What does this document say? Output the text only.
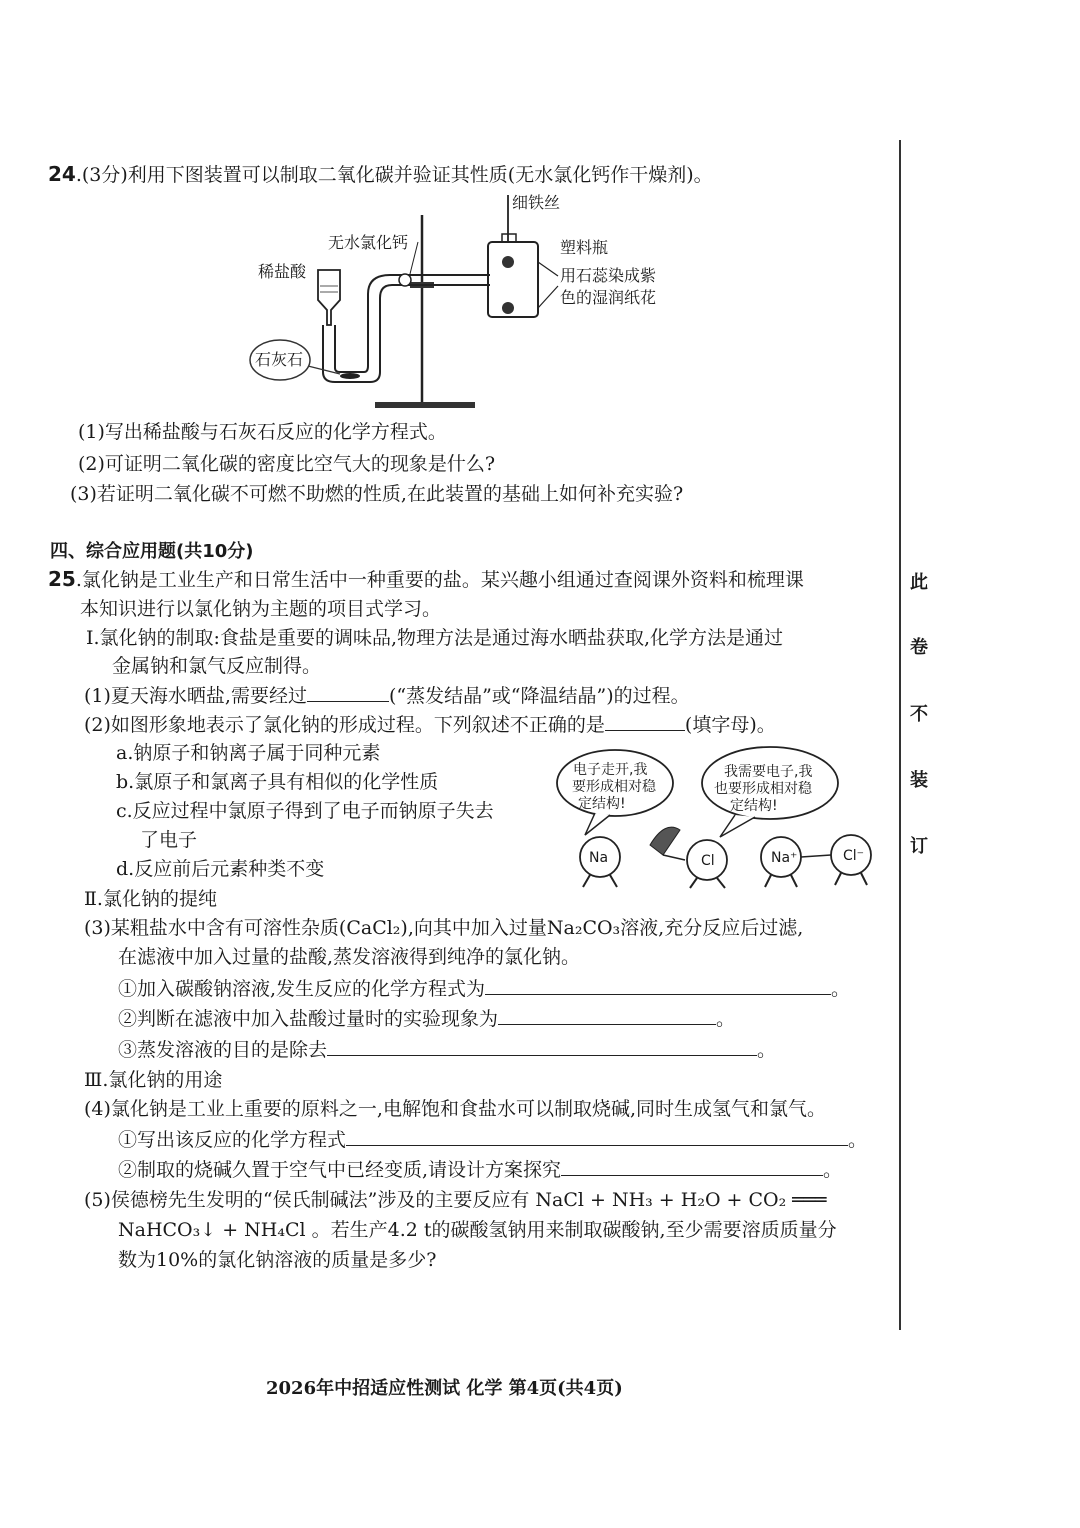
24.(3分)利用下图装置可以制取二氧化碳并验证其性质(无水氯化钙作干燥剂)。
细铁丝
无水氯化钙	塑料瓶
稀盐酸	用石蕊染成紫
色的湿润纸花
石灰石
(1)写出稀盐酸与石灰石反应的化学方程式。
(2)可证明二氧化碳的密度比空气大的现象是什么?
(3)若证明二氧化碳不可燃不助燃的性质,在此装置的基础上如何补充实验?
四、综合应用题(共10分)
25.氯化钠是工业生产和日常生活中一种重要的盐。某兴趣小组通过查阅课外资料和梳理课
本知识进行以氯化钠为主题的项目式学习。
Ⅰ.氯化钠的制取:食盐是重要的调味品,物理方法是通过海水晒盐获取,化学方法是通过
金属钠和氯气反应制得。
(1)夏天海水晒盐,需要经过	(“蒸发结晶”或“降温结晶”)的过程。
(2)如图形象地表示了氯化钠的形成过程。下列叙述不正确的是	(填字母)。
a.钠原子和钠离子属于同种元素
b.氯原子和氯离子具有相似的化学性质
c.反应过程中氯原子得到了电子而钠原子失去
了电子
d.反应前后元素种类不变
电子走开,我
要形成相对稳
定结构!
我需要电子,我
也要形成相对稳
定结构!
Na	Cl	Na⁺	Cl⁻
Ⅱ.氯化钠的提纯
(3)某粗盐水中含有可溶性杂质(CaCl₂),向其中加入过量Na₂CO₃溶液,充分反应后过滤,
在滤液中加入过量的盐酸,蒸发溶液得到纯净的氯化钠。
①加入碳酸钠溶液,发生反应的化学方程式为	。
②判断在滤液中加入盐酸过量时的实验现象为	。
③蒸发溶液的目的是除去	。
Ⅲ.氯化钠的用途
(4)氯化钠是工业上重要的原料之一,电解饱和食盐水可以制取烧碱,同时生成氢气和氯气。
①写出该反应的化学方程式	。
②制取的烧碱久置于空气中已经变质,请设计方案探究	。
(5)侯德榜先生发明的“侯氏制碱法”涉及的主要反应有 NaCl + NH₃ + H₂O + CO₂ ═══
NaHCO₃↓ + NH₄Cl 。若生产4.2 t的碳酸氢钠用来制取碳酸钠,至少需要溶质质量分
数为10%的氯化钠溶液的质量是多少?
此
卷
不
装
订
2026年中招适应性测试 化学 第4页(共4页)
